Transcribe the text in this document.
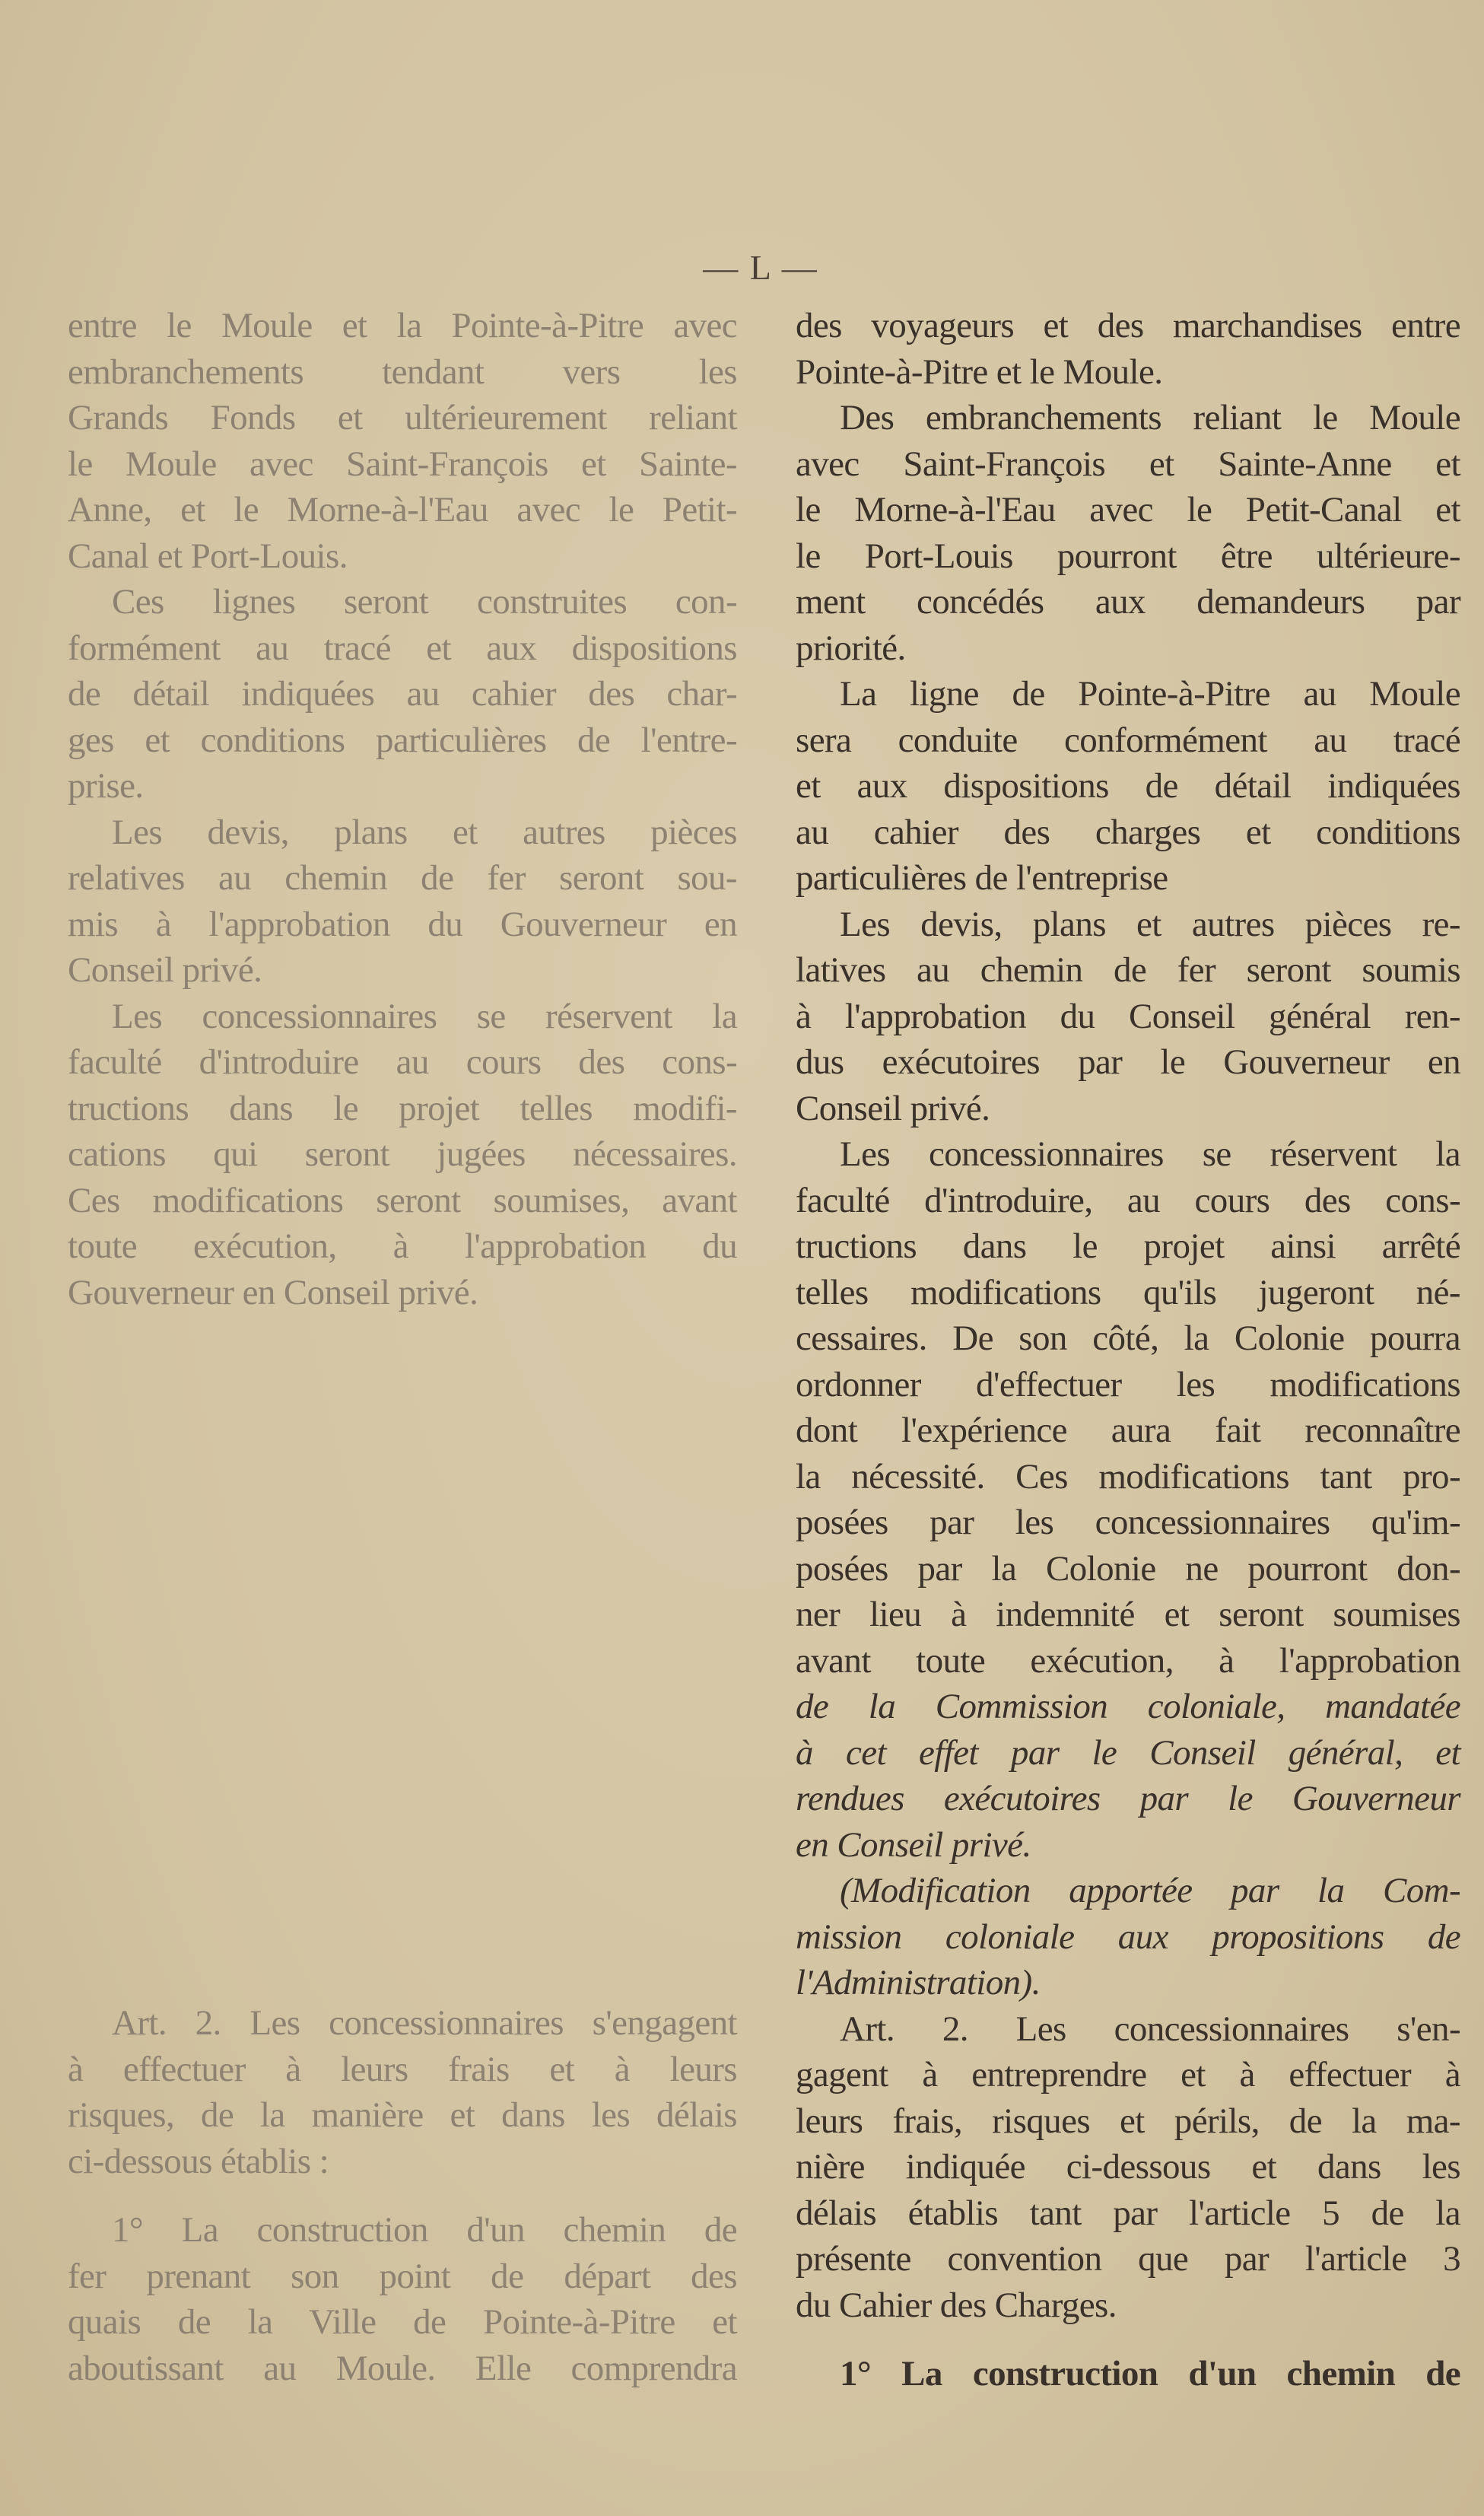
— L —
entre le Moule et la Pointe-à-Pitre avec
embranchements tendant vers les
Grands Fonds et ultérieurement reliant
le Moule avec Saint-François et Sainte-
Anne, et le Morne-à-l'Eau avec le Petit-
Canal et Port-Louis.
Ces lignes seront construites con-
formément au tracé et aux dispositions
de détail indiquées au cahier des char-
ges et conditions particulières de l'entre-
prise.
Les devis, plans et autres pièces
relatives au chemin de fer seront sou-
mis à l'approbation du Gouverneur en
Conseil privé.
Les concessionnaires se réservent la
faculté d'introduire au cours des cons-
tructions dans le projet telles modifi-
cations qui seront jugées nécessaires.
Ces modifications seront soumises, avant
toute exécution, à l'approbation du
Gouverneur en Conseil privé.
Art. 2. Les concessionnaires s'engagent
à effectuer à leurs frais et à leurs
risques, de la manière et dans les délais
ci-dessous établis :
1° La construction d'un chemin de
fer prenant son point de départ des
quais de la Ville de Pointe-à-Pitre et
aboutissant au Moule. Elle comprendra
des voyageurs et des marchandises entre
Pointe-à-Pitre et le Moule.
Des embranchements reliant le Moule
avec Saint-François et Sainte-Anne et
le Morne-à-l'Eau avec le Petit-Canal et
le Port-Louis pourront être ultérieure-
ment concédés aux demandeurs par
priorité.
La ligne de Pointe-à-Pitre au Moule
sera conduite conformément au tracé
et aux dispositions de détail indiquées
au cahier des charges et conditions
particulières de l'entreprise
Les devis, plans et autres pièces re-
latives au chemin de fer seront soumis
à l'approbation du Conseil général ren-
dus exécutoires par le Gouverneur en
Conseil privé.
Les concessionnaires se réservent la
faculté d'introduire, au cours des cons-
tructions dans le projet ainsi arrêté
telles modifications qu'ils jugeront né-
cessaires. De son côté, la Colonie pourra
ordonner d'effectuer les modifications
dont l'expérience aura fait reconnaître
la nécessité. Ces modifications tant pro-
posées par les concessionnaires qu'im-
posées par la Colonie ne pourront don-
ner lieu à indemnité et seront soumises
avant toute exécution, à l'approbation
de la Commission coloniale, mandatée
à cet effet par le Conseil général, et
rendues exécutoires par le Gouverneur
en Conseil privé.
(Modification apportée par la Com-
mission coloniale aux propositions de
l'Administration).
Art. 2. Les concessionnaires s'en-
gagent à entreprendre et à effectuer à
leurs frais, risques et périls, de la ma-
nière indiquée ci-dessous et dans les
délais établis tant par l'article 5 de la
présente convention que par l'article 3
du Cahier des Charges.
1° La construction d'un chemin de
